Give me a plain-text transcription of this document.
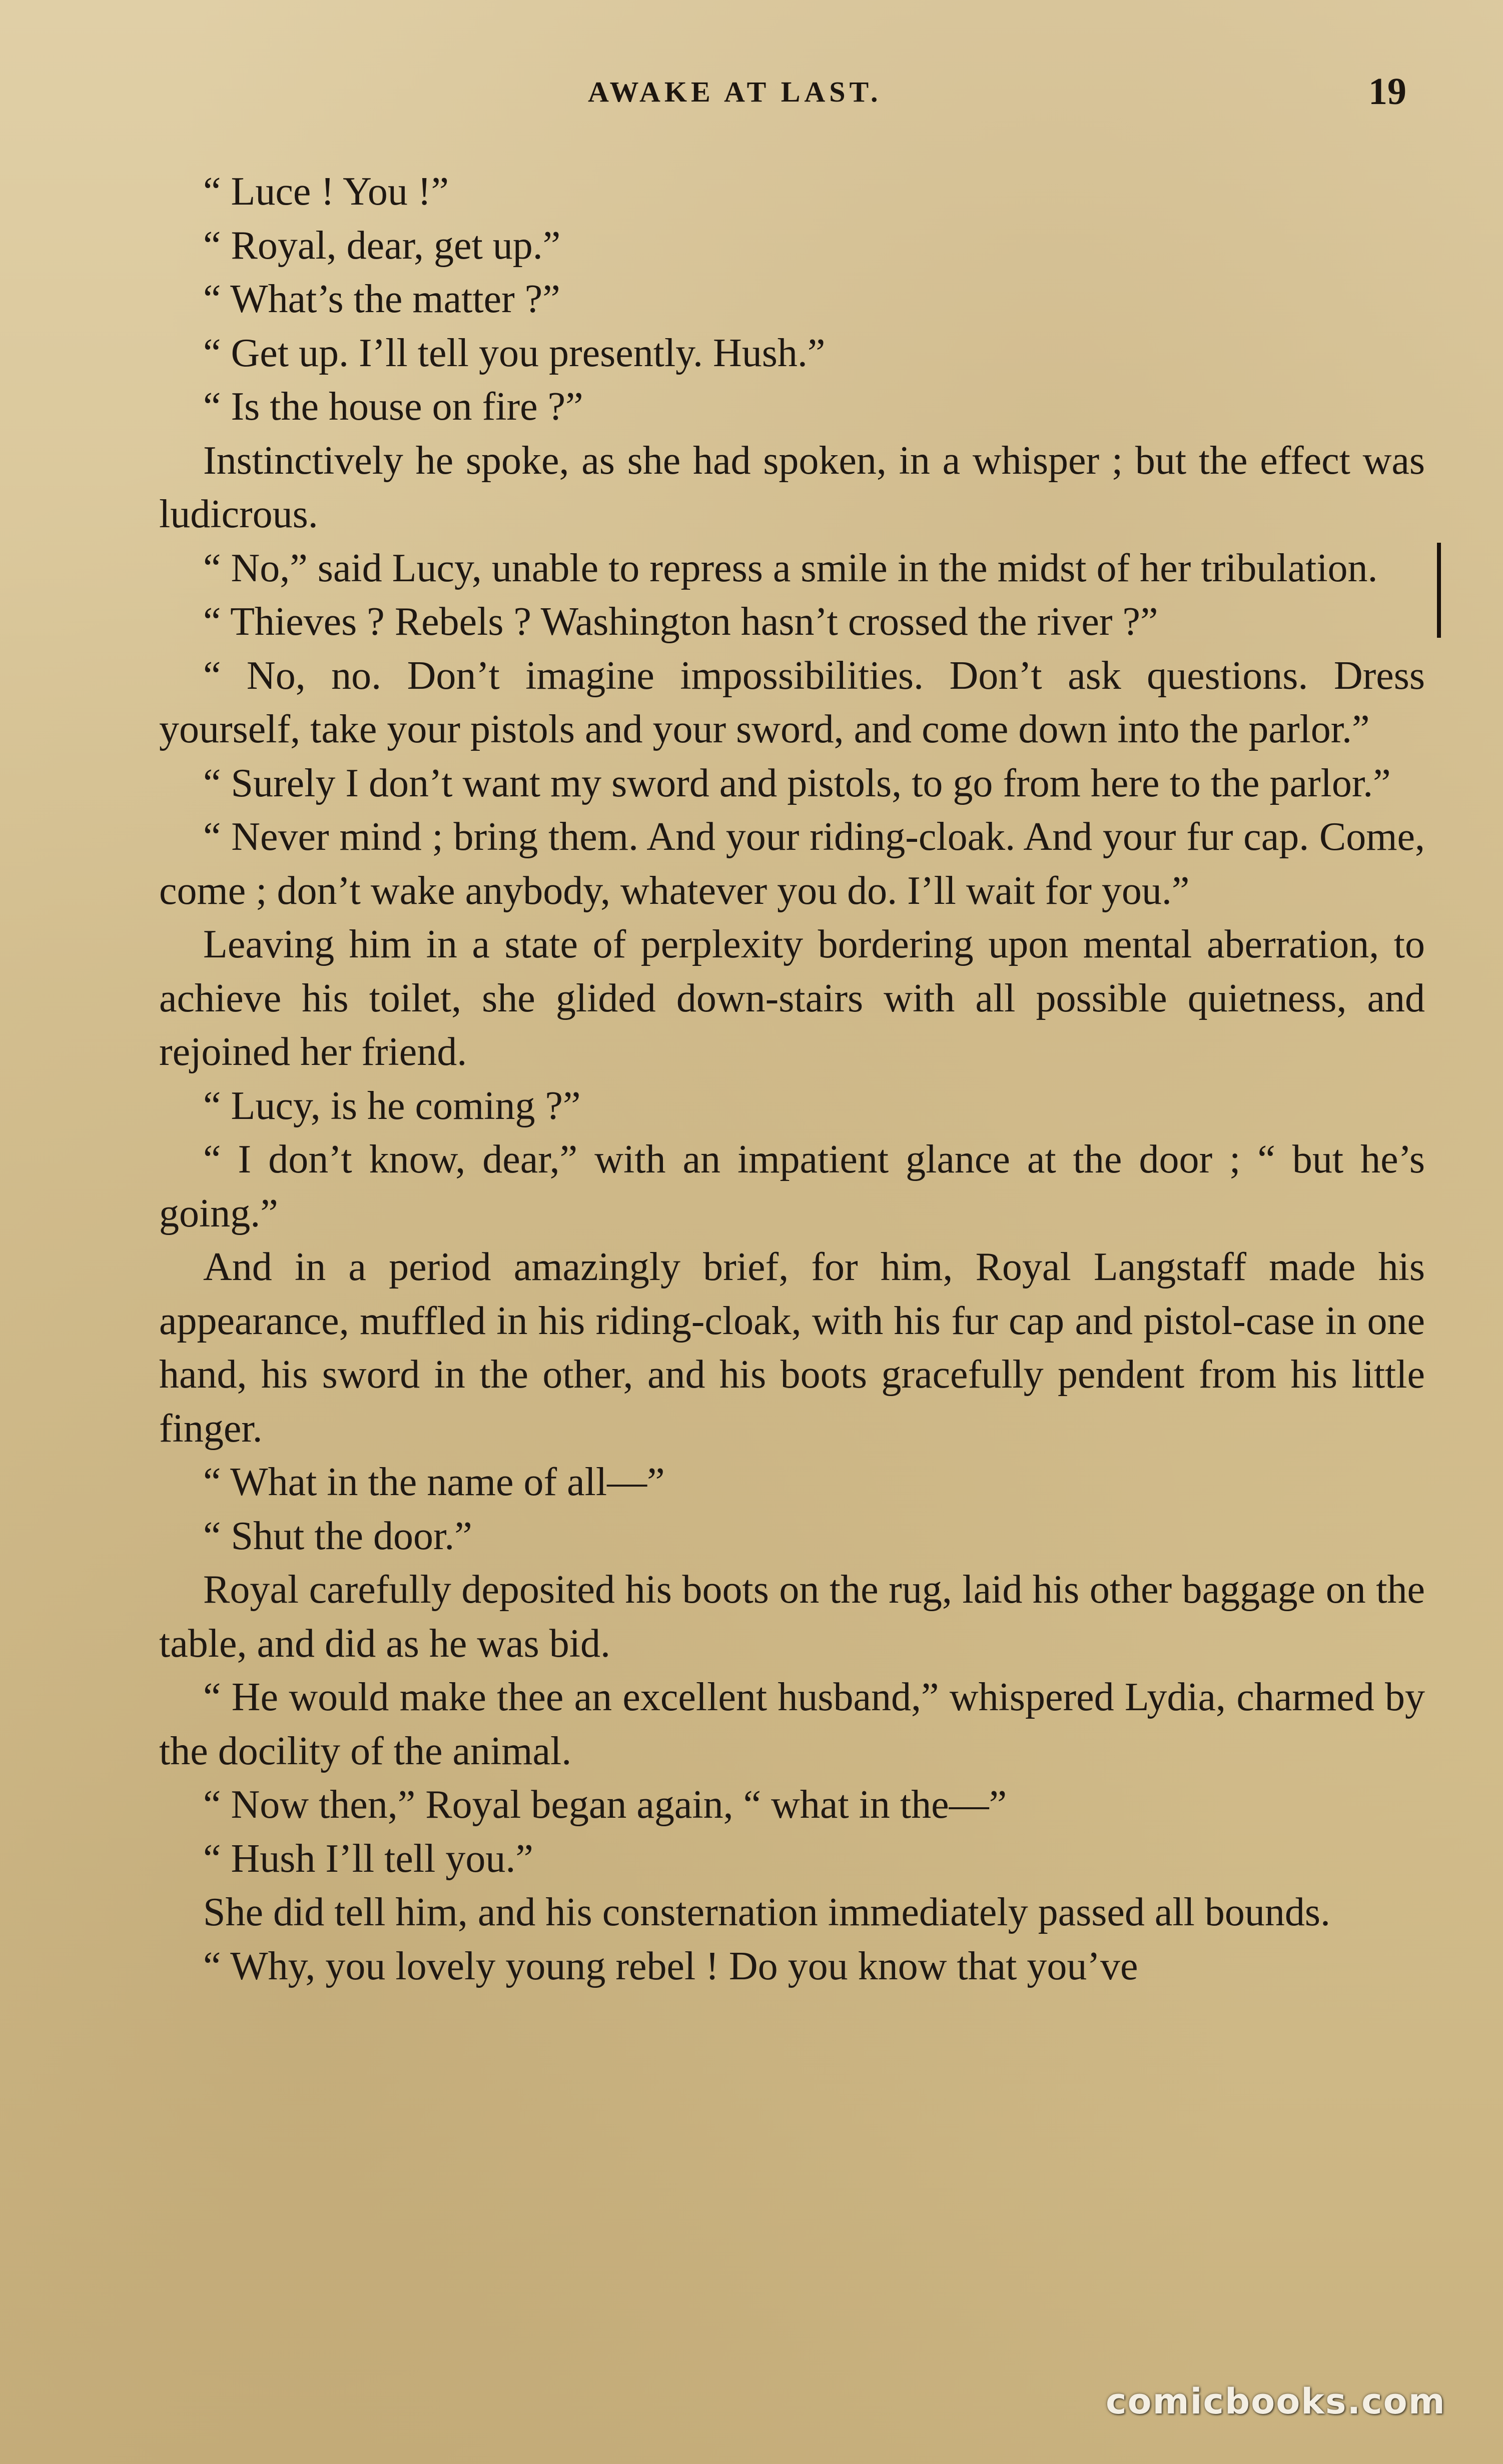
AWAKE AT LAST.	19

“ Luce ! You !”

“ Royal, dear, get up.”

“ What’s the matter ?”

“ Get up. I’ll tell you presently. Hush.”

“ Is the house on fire ?”

Instinctively he spoke, as she had spoken, in a whisper ; but the effect was ludicrous.

“ No,” said Lucy, unable to repress a smile in the midst of her tribulation.

“ Thieves ? Rebels ? Washington hasn’t crossed the river ?”

“ No, no. Don’t imagine impossibilities. Don’t ask questions. Dress yourself, take your pistols and your sword, and come down into the parlor.”

“ Surely I don’t want my sword and pistols, to go from here to the parlor.”

“ Never mind ; bring them. And your riding-cloak. And your fur cap. Come, come ; don’t wake anybody, whatever you do. I’ll wait for you.”

Leaving him in a state of perplexity bordering upon mental aberration, to achieve his toilet, she glided down-stairs with all possible quietness, and rejoined her friend.

“ Lucy, is he coming ?”

“ I don’t know, dear,” with an impatient glance at the door ; “ but he’s going.”

And in a period amazingly brief, for him, Royal Langstaff made his appearance, muffled in his riding-cloak, with his fur cap and pistol-case in one hand, his sword in the other, and his boots gracefully pendent from his little finger.

“ What in the name of all—”

“ Shut the door.”

Royal carefully deposited his boots on the rug, laid his other baggage on the table, and did as he was bid.

“ He would make thee an excellent husband,” whispered Lydia, charmed by the docility of the animal.

“ Now then,” Royal began again, “ what in the—”

“ Hush I’ll tell you.”

She did tell him, and his consternation immediately passed all bounds.

“ Why, you lovely young rebel ! Do you know that you’ve

comicbooks.com
